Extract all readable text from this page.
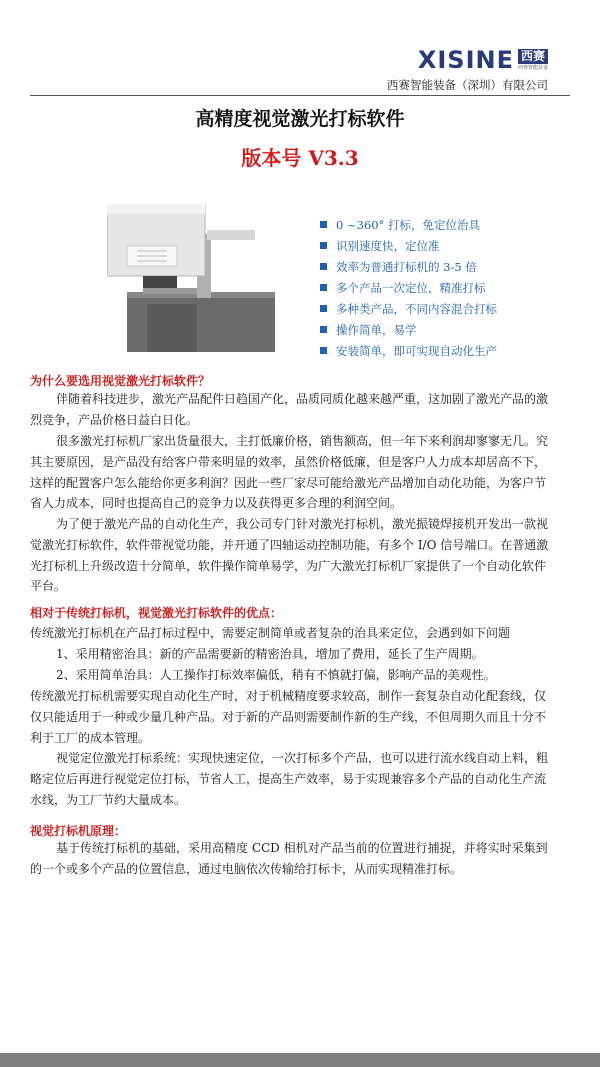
XISINE 西赛
西赛智能装备
西赛智能装备（深圳）有限公司
高精度视觉激光打标软件
版本号 V3.3
0 ~360° 打标，免定位治具
识别速度快，定位准
效率为普通打标机的 3-5 倍
多个产品一次定位，精准打标
多种类产品，不同内容混合打标
操作简单，易学
安装简单，即可实现自动化生产
为什么要选用视觉激光打标软件？

伴随着科技进步，激光产品配件日趋国产化，品质同质化越来越严重，这加剧了激光产品的激烈竞争，产品价格日益白日化。

很多激光打标机厂家出货量很大，主打低廉价格，销售额高，但一年下来利润却寥寥无几。究其主要原因，是产品没有给客户带来明显的效率，虽然价格低廉，但是客户人力成本却居高不下，这样的配置客户怎么能给你更多利润？因此一些厂家尽可能给激光产品增加自动化功能，为客户节省人力成本，同时也提高自己的竞争力以及获得更多合理的利润空间。

为了便于激光产品的自动化生产，我公司专门针对激光打标机，激光振镜焊接机开发出一款视觉激光打标软件，软件带视觉功能，并开通了四轴运动控制功能，有多个 I/O 信号端口。在普通激光打标机上升级改造十分简单，软件操作简单易学，为广大激光打标机厂家提供了一个自动化软件平台。

相对于传统打标机，视觉激光打标软件的优点：

传统激光打标机在产品打标过程中，需要定制简单或者复杂的治具来定位，会遇到如下问题

1、采用精密治具：新的产品需要新的精密治具，增加了费用，延长了生产周期。

2、采用简单治具：人工操作打标效率偏低，稍有不慎就打偏，影响产品的美观性。

传统激光打标机需要实现自动化生产时，对于机械精度要求较高，制作一套复杂自动化配套线，仅仅只能适用于一种或少量几种产品。对于新的产品则需要制作新的生产线，不但周期久而且十分不利于工厂的成本管理。

视觉定位激光打标系统：实现快速定位，一次打标多个产品，也可以进行流水线自动上料，粗略定位后再进行视觉定位打标，节省人工，提高生产效率，易于实现兼容多个产品的自动化生产流水线，为工厂节约大量成本。

视觉打标机原理：

基于传统打标机的基础，采用高精度 CCD 相机对产品当前的位置进行捕捉，并将实时采集到的一个或多个产品的位置信息，通过电脑依次传输给打标卡，从而实现精准打标。
